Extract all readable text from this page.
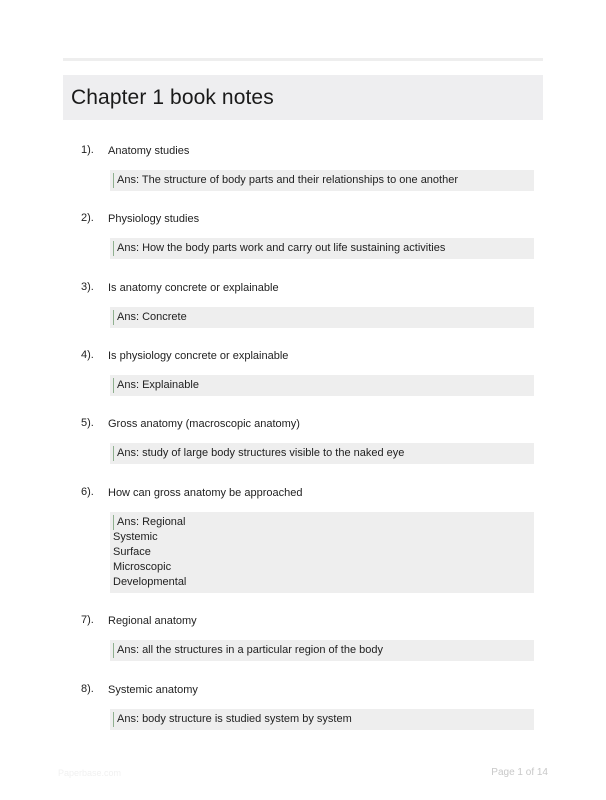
Chapter 1 book notes
1). Anatomy studies
Ans: The structure of body parts and their relationships to one another
2). Physiology studies
Ans: How the body parts work and carry out life sustaining activities
3). Is anatomy concrete or explainable
Ans: Concrete
4). Is physiology concrete or explainable
Ans: Explainable
5). Gross anatomy (macroscopic anatomy)
Ans: study of large body structures visible to the naked eye
6). How can gross anatomy be approached
Ans: Regional
Systemic
Surface
Microscopic
Developmental
7). Regional anatomy
Ans: all the structures in a particular region of the body
8). Systemic anatomy
Ans: body structure is studied system by system
Paperbase.com	Page 1 of 14
